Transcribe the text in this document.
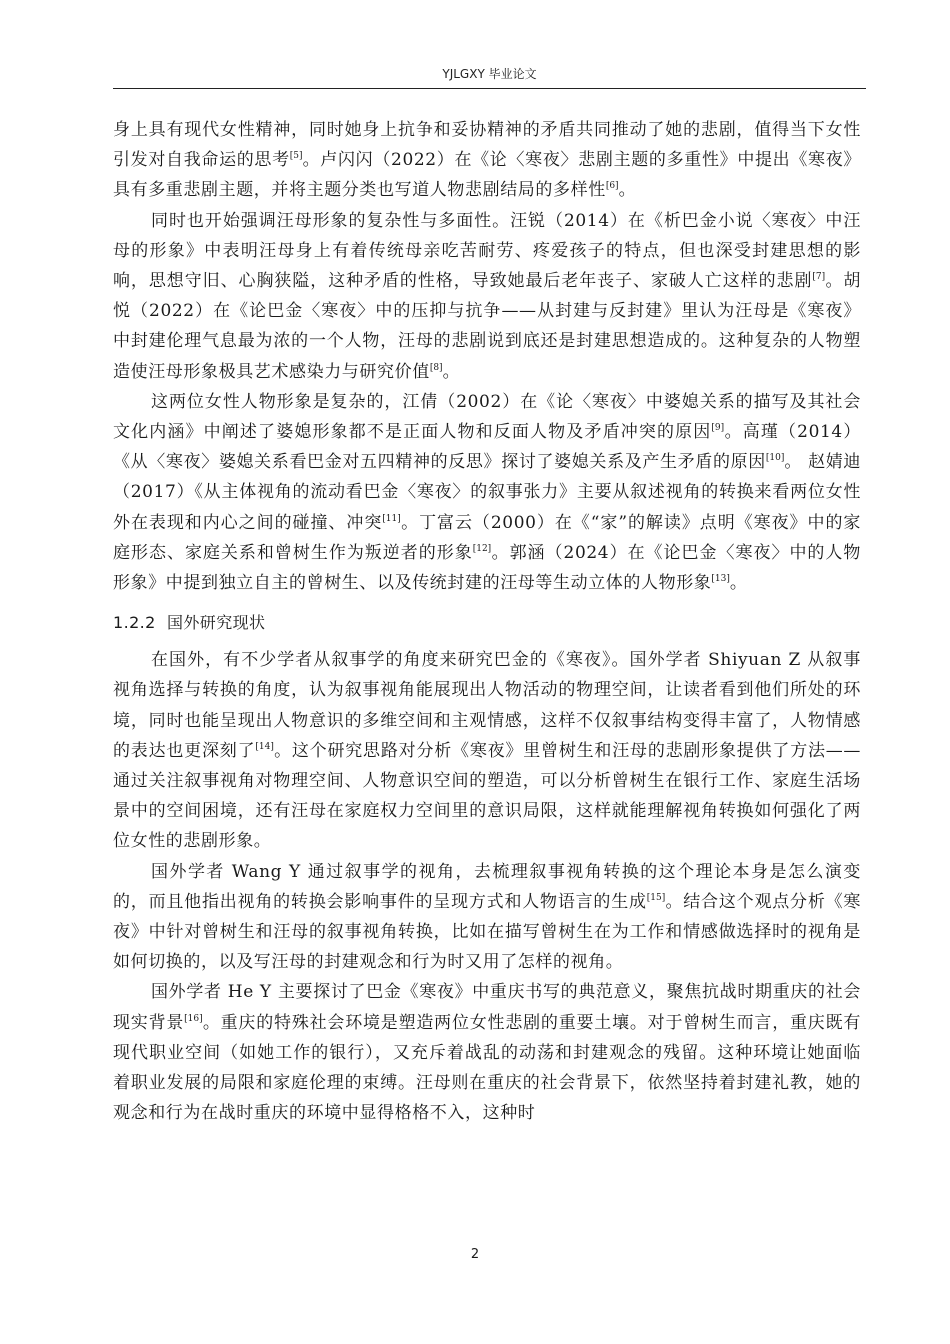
YJLGXY 毕业论文

身上具有现代女性精神，同时她身上抗争和妥协精神的矛盾共同推动了她的悲剧，值得当下女性引发对自我命运的思考[5]。卢闪闪（2022）在《论〈寒夜〉悲剧主题的多重性》中提出《寒夜》具有多重悲剧主题，并将主题分类也写道人物悲剧结局的多样性[6]。

同时也开始强调汪母形象的复杂性与多面性。汪锐（2014）在《析巴金小说〈寒夜〉中汪母的形象》中表明汪母身上有着传统母亲吃苦耐劳、疼爱孩子的特点，但也深受封建思想的影响，思想守旧、心胸狭隘，这种矛盾的性格，导致她最后老年丧子、家破人亡这样的悲剧[7]。胡悦（2022）在《论巴金〈寒夜〉中的压抑与抗争——从封建与反封建》里认为汪母是《寒夜》中封建伦理气息最为浓的一个人物，汪母的悲剧说到底还是封建思想造成的。这种复杂的人物塑造使汪母形象极具艺术感染力与研究价值[8]。

这两位女性人物形象是复杂的，江倩（2002）在《论〈寒夜〉中婆媳关系的描写及其社会文化内涵》中阐述了婆媳形象都不是正面人物和反面人物及矛盾冲突的原因[9]。高瑾（2014）《从〈寒夜〉婆媳关系看巴金对五四精神的反思》探讨了婆媳关系及产生矛盾的原因[10]。 赵婧迪（2017）《从主体视角的流动看巴金〈寒夜〉的叙事张力》主要从叙述视角的转换来看两位女性外在表现和内心之间的碰撞、冲突[11]。丁富云（2000）在《“家”的解读》点明《寒夜》中的家庭形态、家庭关系和曾树生作为叛逆者的形象[12]。郭涵（2024）在《论巴金〈寒夜〉中的人物形象》中提到独立自主的曾树生、以及传统封建的汪母等生动立体的人物形象[13]。

1.2.2 国外研究现状

在国外，有不少学者从叙事学的角度来研究巴金的《寒夜》。国外学者 Shiyuan Z 从叙事视角选择与转换的角度，认为叙事视角能展现出人物活动的物理空间，让读者看到他们所处的环境，同时也能呈现出人物意识的多维空间和主观情感，这样不仅叙事结构变得丰富了，人物情感的表达也更深刻了[14]。这个研究思路对分析《寒夜》里曾树生和汪母的悲剧形象提供了方法——通过关注叙事视角对物理空间、人物意识空间的塑造，可以分析曾树生在银行工作、家庭生活场景中的空间困境，还有汪母在家庭权力空间里的意识局限，这样就能理解视角转换如何强化了两位女性的悲剧形象。

国外学者 Wang Y 通过叙事学的视角，去梳理叙事视角转换的这个理论本身是怎么演变的，而且他指出视角的转换会影响事件的呈现方式和人物语言的生成[15]。结合这个观点分析《寒夜》中针对曾树生和汪母的叙事视角转换，比如在描写曾树生在为工作和情感做选择时的视角是如何切换的，以及写汪母的封建观念和行为时又用了怎样的视角。

国外学者 He Y 主要探讨了巴金《寒夜》中重庆书写的典范意义，聚焦抗战时期重庆的社会现实背景[16]。重庆的特殊社会环境是塑造两位女性悲剧的重要土壤。对于曾树生而言，重庆既有现代职业空间（如她工作的银行），又充斥着战乱的动荡和封建观念的残留。这种环境让她面临着职业发展的局限和家庭伦理的束缚。汪母则在重庆的社会背景下，依然坚持着封建礼教，她的观念和行为在战时重庆的环境中显得格格不入，这种时

2
